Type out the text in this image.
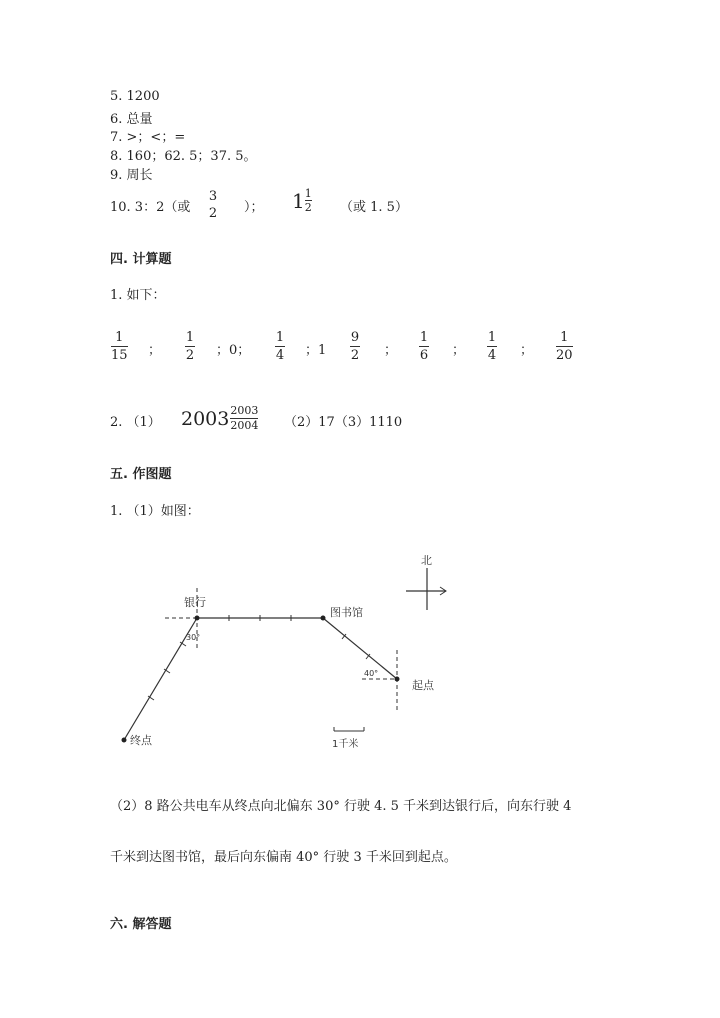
5. 1200
6. 总量
7. >；<；=
8. 160；62. 5；37. 5。
9. 周长
10. 3：2（或
3
2 ）； $1 \frac{1}{2}$ （或 1. 5）
四. 计算题
1. 如下：
1
15 ；
1
2 ；0；
1
4 ；1
9
2 ；
1
6 ；
1
4 ；
1
20
2. （1） $2003 \frac{2003}{2004} (2)17(3)1110$
五. 作图题
1. （1）如图：
北
银行
图书馆
起点
终点
30°
40°
1千米
（2）8 路公共电车从终点向北偏东 30° 行驶 4. 5 千米到达银行后，向东行驶 4
千米到达图书馆，最后向东偏南 40° 行驶 3 千米回到起点。
六. 解答题
